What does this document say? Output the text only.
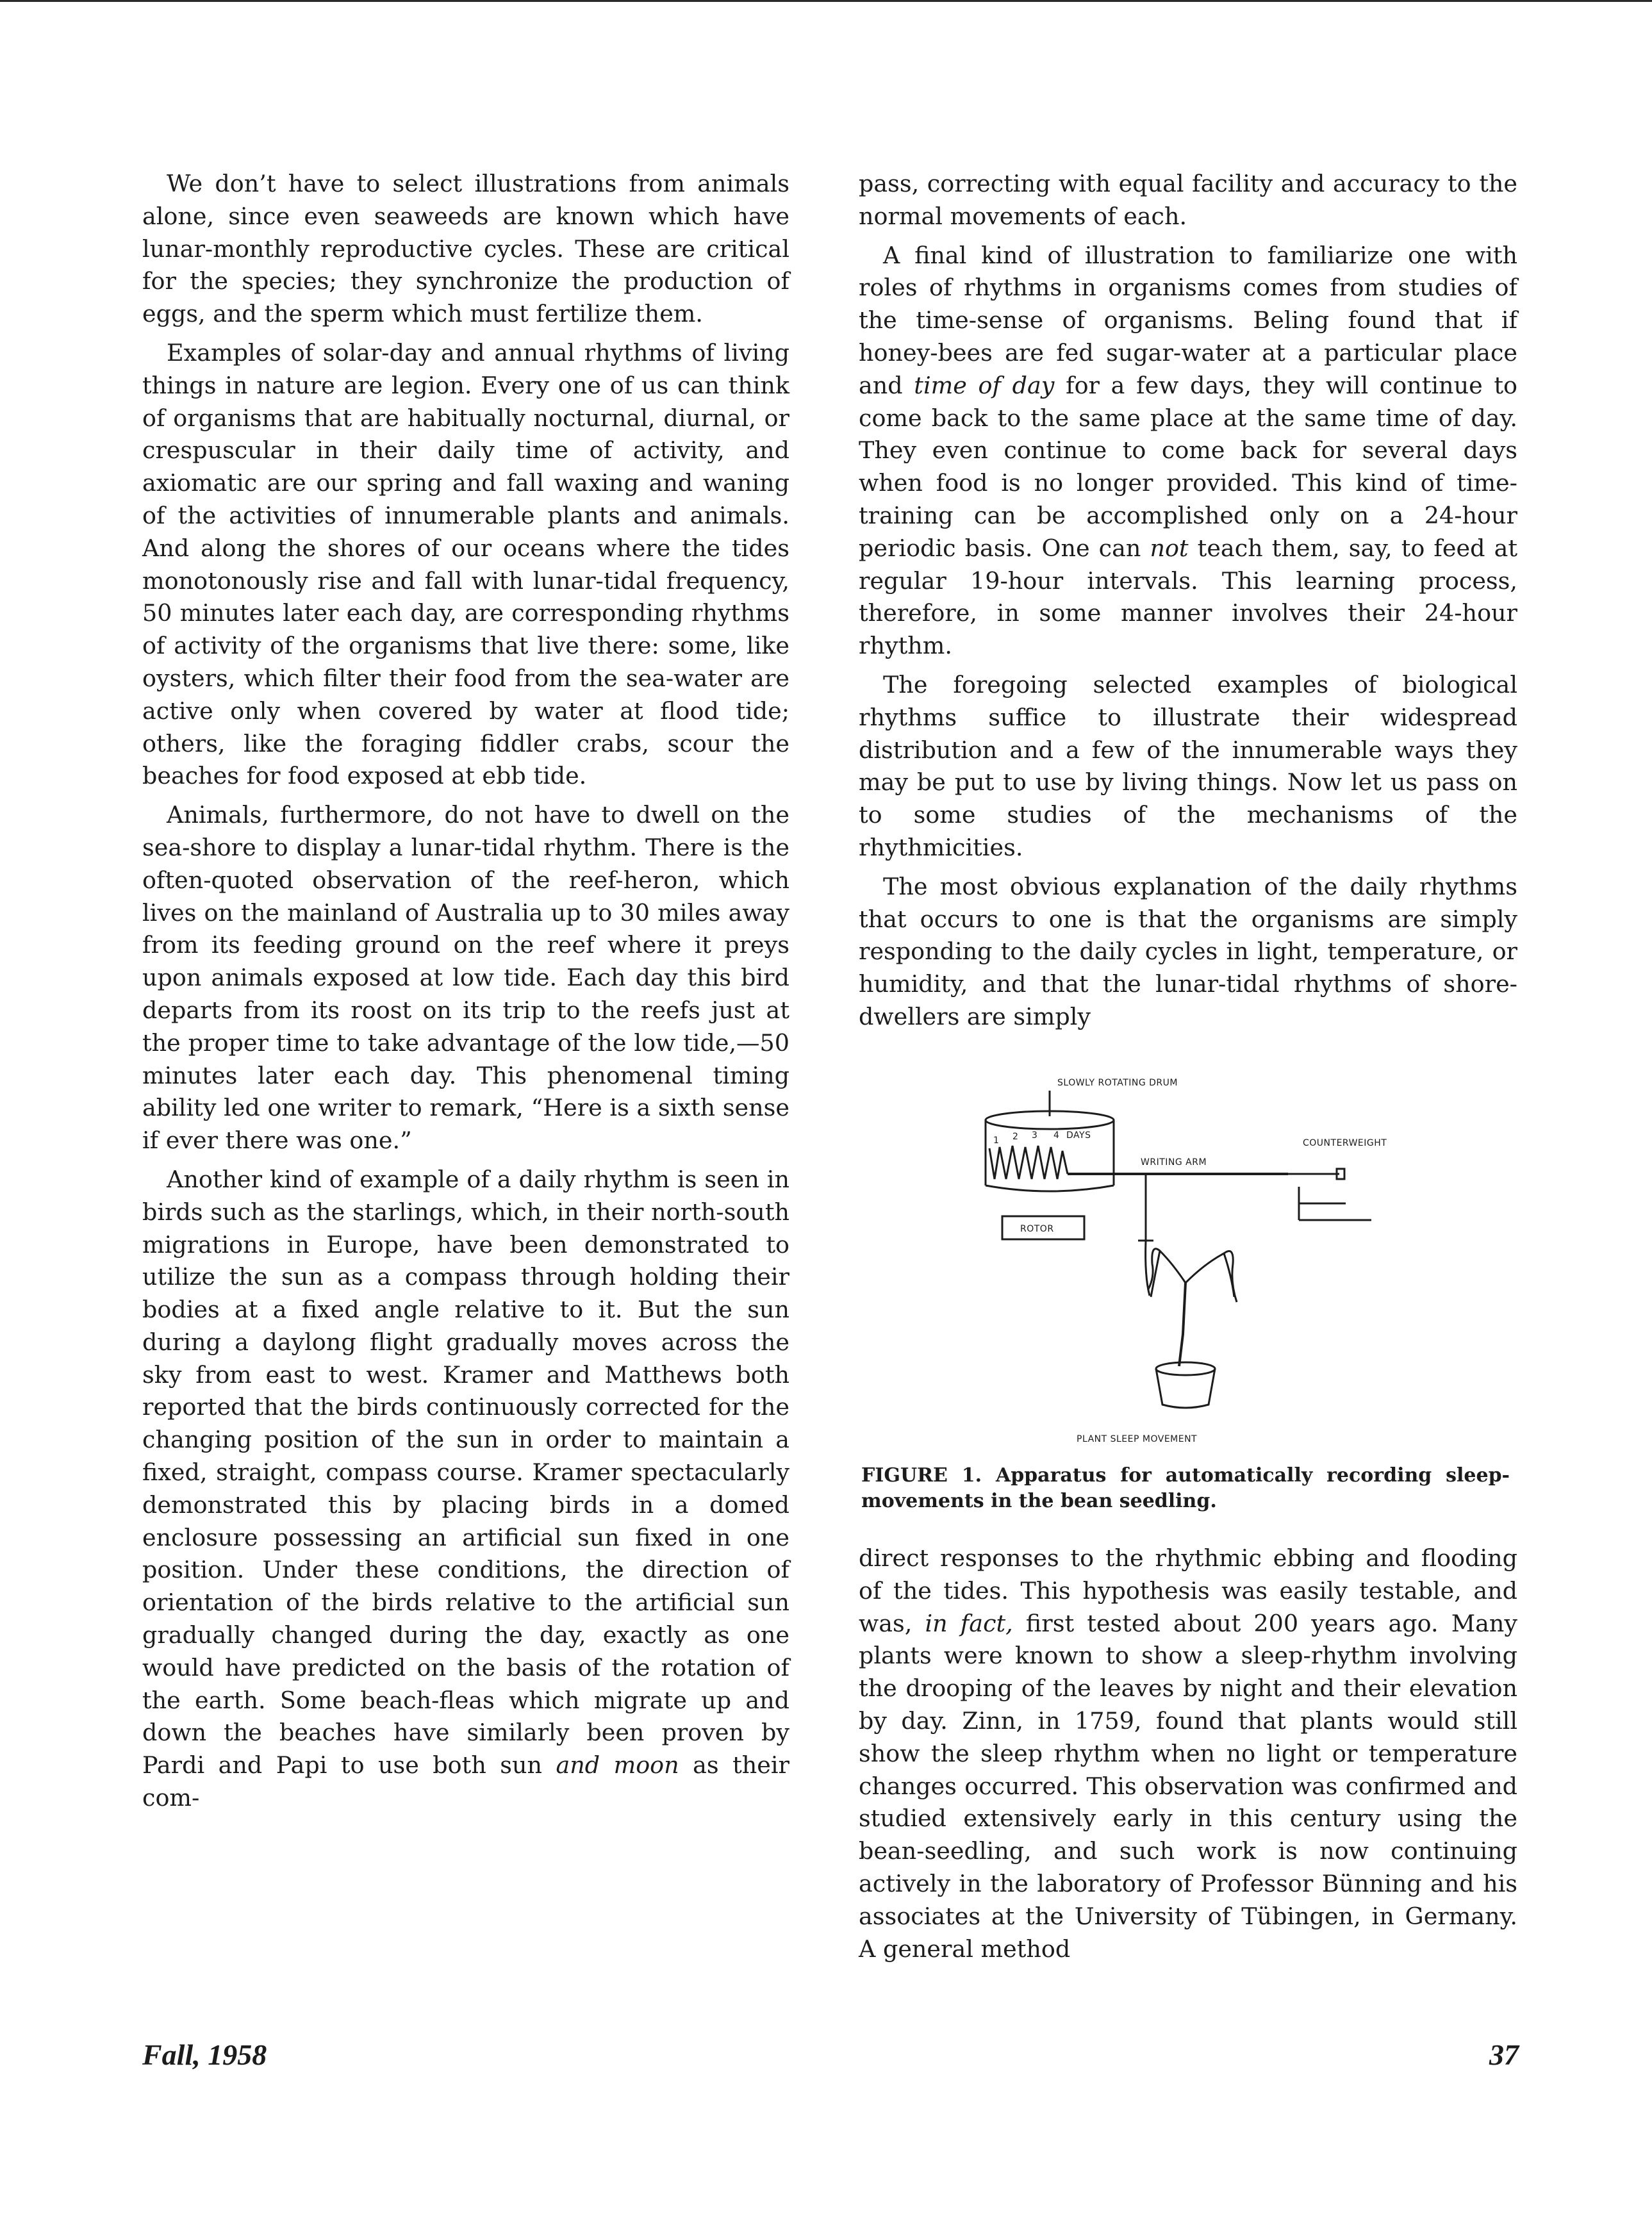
We don’t have to select illustrations from animals alone, since even seaweeds are known which have lunar-monthly reproductive cycles. These are critical for the species; they synchronize the production of eggs, and the sperm which must fertilize them.

Examples of solar-day and annual rhythms of living things in nature are legion. Every one of us can think of organisms that are habitually nocturnal, diurnal, or crespuscular in their daily time of activity, and axiomatic are our spring and fall waxing and waning of the activities of innumerable plants and animals. And along the shores of our oceans where the tides monotonously rise and fall with lunar-tidal frequency, 50 minutes later each day, are corresponding rhythms of activity of the organisms that live there: some, like oysters, which filter their food from the sea-water are active only when covered by water at flood tide; others, like the foraging fiddler crabs, scour the beaches for food exposed at ebb tide.

Animals, furthermore, do not have to dwell on the sea-shore to display a lunar-tidal rhythm. There is the often-quoted observation of the reef-heron, which lives on the mainland of Australia up to 30 miles away from its feeding ground on the reef where it preys upon animals exposed at low tide. Each day this bird departs from its roost on its trip to the reefs just at the proper time to take advantage of the low tide,—50 minutes later each day. This phenomenal timing ability led one writer to remark, “Here is a sixth sense if ever there was one.”

Another kind of example of a daily rhythm is seen in birds such as the starlings, which, in their north-south migrations in Europe, have been demonstrated to utilize the sun as a compass through holding their bodies at a fixed angle relative to it. But the sun during a daylong flight gradually moves across the sky from east to west. Kramer and Matthews both reported that the birds continuously corrected for the changing position of the sun in order to maintain a fixed, straight, compass course. Kramer spectacularly demonstrated this by placing birds in a domed enclosure possessing an artificial sun fixed in one position. Under these conditions, the direction of orientation of the birds relative to the artificial sun gradually changed during the day, exactly as one would have predicted on the basis of the rotation of the earth. Some beach-fleas which migrate up and down the beaches have similarly been proven by Pardi and Papi to use both sun and moon as their com-

pass, correcting with equal facility and accuracy to the normal movements of each.

A final kind of illustration to familiarize one with roles of rhythms in organisms comes from studies of the time-sense of organisms. Beling found that if honey-bees are fed sugar-water at a particular place and time of day for a few days, they will continue to come back to the same place at the same time of day. They even continue to come back for several days when food is no longer provided. This kind of time-training can be accomplished only on a 24-hour periodic basis. One can not teach them, say, to feed at regular 19-hour intervals. This learning process, therefore, in some manner involves their 24-hour rhythm.

The foregoing selected examples of biological rhythms suffice to illustrate their widespread distribution and a few of the innumerable ways they may be put to use by living things. Now let us pass on to some studies of the mechanisms of the rhythmicities.

The most obvious explanation of the daily rhythms that occurs to one is that the organisms are simply responding to the daily cycles in light, temperature, or humidity, and that the lunar-tidal rhythms of shore-dwellers are simply

SLOWLY ROTATING DRUM
1 2 3 4 DAYS
WRITING ARM
COUNTERWEIGHT
ROTOR
PLANT SLEEP MOVEMENT
FIGURE 1. Apparatus for automatically recording sleep-movements in the bean seedling.

direct responses to the rhythmic ebbing and flooding of the tides. This hypothesis was easily testable, and was, in fact, first tested about 200 years ago. Many plants were known to show a sleep-rhythm involving the drooping of the leaves by night and their elevation by day. Zinn, in 1759, found that plants would still show the sleep rhythm when no light or temperature changes occurred. This observation was confirmed and studied extensively early in this century using the bean-seedling, and such work is now continuing actively in the laboratory of Professor Bünning and his associates at the University of Tübingen, in Germany. A general method

Fall, 1958	37
